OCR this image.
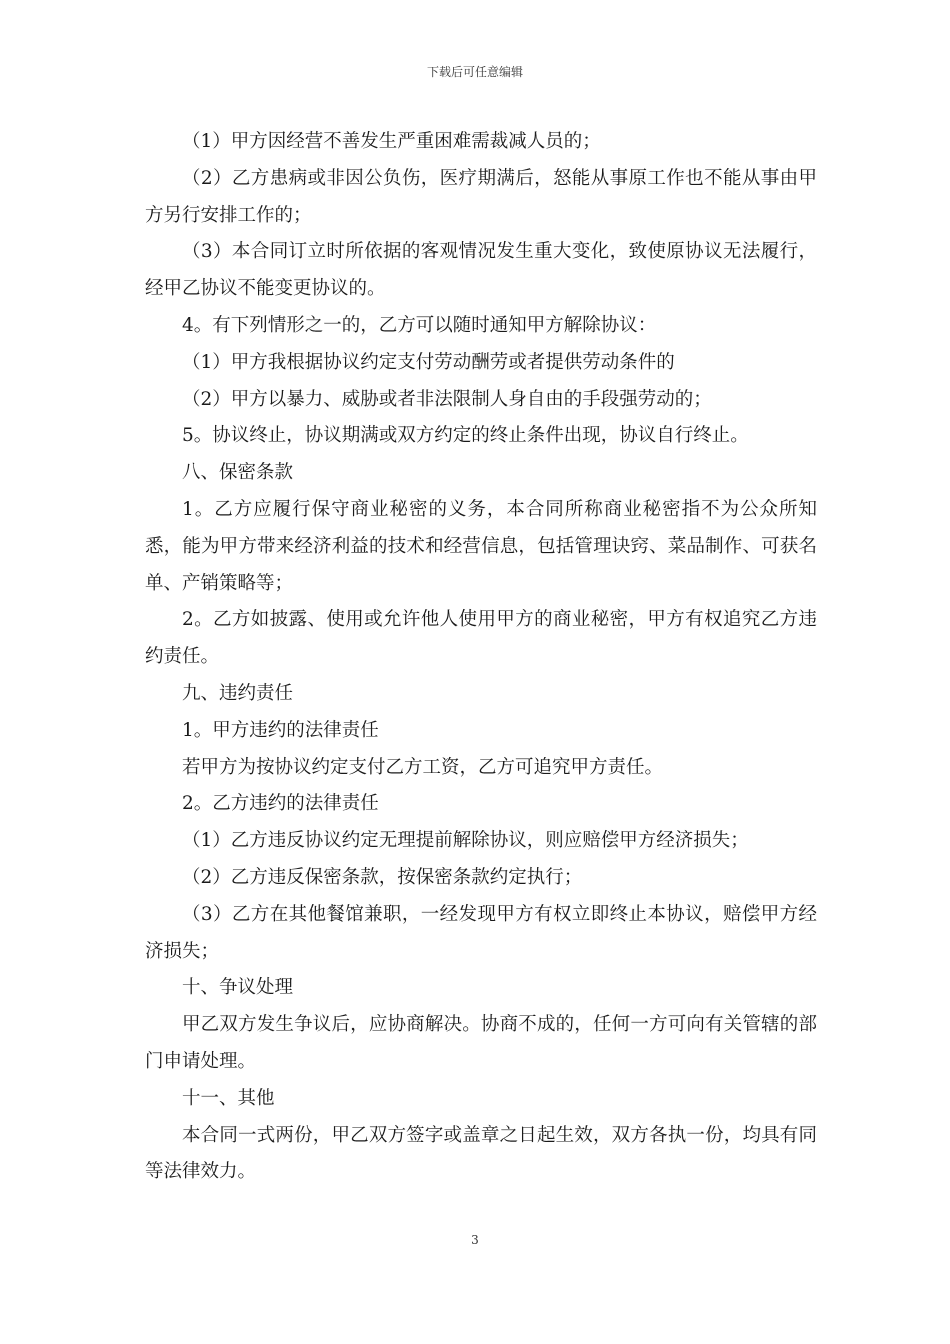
下载后可任意编辑

（1）甲方因经营不善发生严重困难需裁减人员的；

（2）乙方患病或非因公负伤，医疗期满后，怒能从事原工作也不能从事由甲方另行安排工作的；

（3）本合同订立时所依据的客观情况发生重大变化，致使原协议无法履行，经甲乙协议不能变更协议的。

4。有下列情形之一的，乙方可以随时通知甲方解除协议：

（1）甲方我根据协议约定支付劳动酬劳或者提供劳动条件的

（2）甲方以暴力、威胁或者非法限制人身自由的手段强劳动的；

5。协议终止，协议期满或双方约定的终止条件出现，协议自行终止。

八、保密条款

1。乙方应履行保守商业秘密的义务，本合同所称商业秘密指不为公众所知悉，能为甲方带来经济利益的技术和经营信息，包括管理诀窍、菜品制作、可获名单、产销策略等；

2。乙方如披露、使用或允许他人使用甲方的商业秘密，甲方有权追究乙方违约责任。

九、违约责任

1。甲方违约的法律责任

若甲方为按协议约定支付乙方工资，乙方可追究甲方责任。

2。乙方违约的法律责任

（1）乙方违反协议约定无理提前解除协议，则应赔偿甲方经济损失；

（2）乙方违反保密条款，按保密条款约定执行；

（3）乙方在其他餐馆兼职，一经发现甲方有权立即终止本协议，赔偿甲方经济损失；

十、争议处理

甲乙双方发生争议后，应协商解决。协商不成的，任何一方可向有关管辖的部门申请处理。

十一、其他

本合同一式两份，甲乙双方签字或盖章之日起生效，双方各执一份，均具有同等法律效力。

3
